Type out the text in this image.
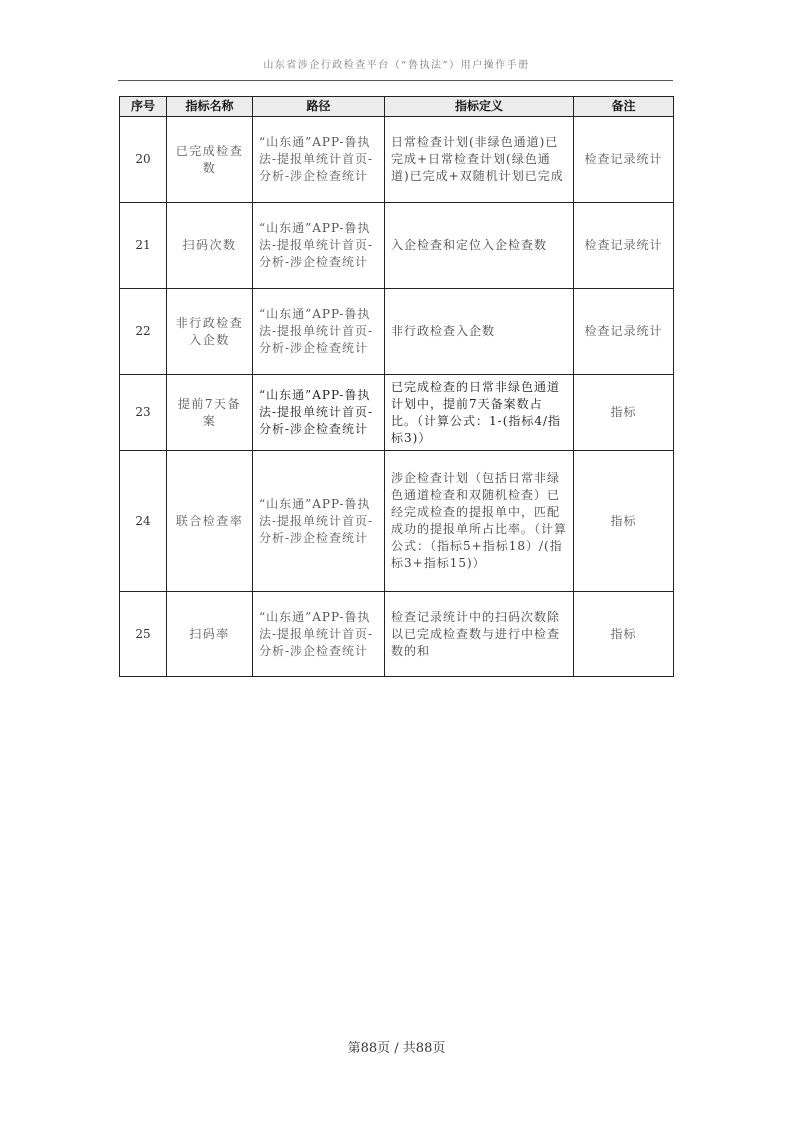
山东省涉企行政检查平台（“鲁执法”）用户操作手册
序号	指标名称	路径	指标定义	备注
20	已完成检查数	“山东通”APP-鲁执法-提报单统计首页-分析-涉企检查统计	日常检查计划(非绿色通道)已完成+日常检查计划(绿色通道)已完成+双随机计划已完成	检查记录统计
21	扫码次数	“山东通”APP-鲁执法-提报单统计首页-分析-涉企检查统计	入企检查和定位入企检查数	检查记录统计
22	非行政检查入企数	“山东通”APP-鲁执法-提报单统计首页-分析-涉企检查统计	非行政检查入企数	检查记录统计
23	提前7天备案	“山东通”APP-鲁执法-提报单统计首页-分析-涉企检查统计	已完成检查的日常非绿色通道计划中，提前7天备案数占比。（计算公式：1-(指标4/指标3)）	指标
24	联合检查率	“山东通”APP-鲁执法-提报单统计首页-分析-涉企检查统计	涉企检查计划（包括日常非绿色通道检查和双随机检查）已经完成检查的提报单中，匹配成功的提报单所占比率。（计算公式：（指标5+指标18）/(指标3+指标15)）	指标
25	扫码率	“山东通”APP-鲁执法-提报单统计首页-分析-涉企检查统计	检查记录统计中的扫码次数除以已完成检查数与进行中检查数的和	指标
第88页 / 共88页
